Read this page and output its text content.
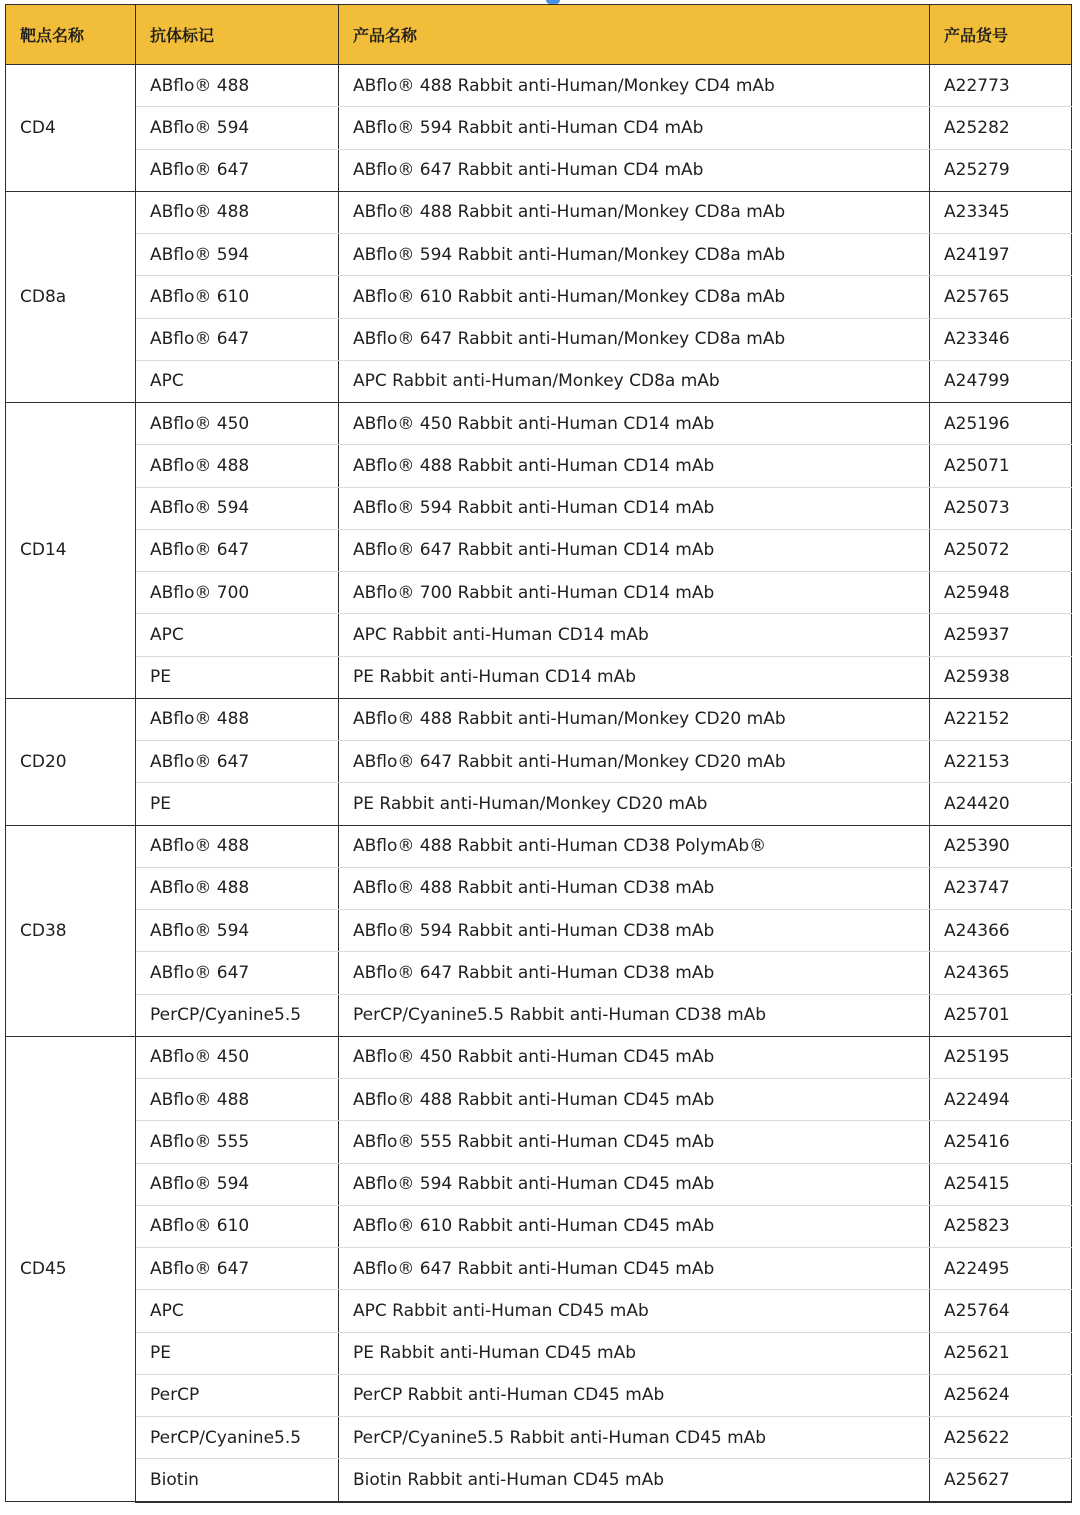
靶点名称	抗体标记	产品名称	产品货号
CD4	ABflo® 488	ABflo® 488 Rabbit anti-Human/Monkey CD4 mAb	A22773
	ABflo® 594	ABflo® 594 Rabbit anti-Human CD4 mAb	A25282
	ABflo® 647	ABflo® 647 Rabbit anti-Human CD4 mAb	A25279
CD8a	ABflo® 488	ABflo® 488 Rabbit anti-Human/Monkey CD8a mAb	A23345
	ABflo® 594	ABflo® 594 Rabbit anti-Human/Monkey CD8a mAb	A24197
	ABflo® 610	ABflo® 610 Rabbit anti-Human/Monkey CD8a mAb	A25765
	ABflo® 647	ABflo® 647 Rabbit anti-Human/Monkey CD8a mAb	A23346
	APC	APC Rabbit anti-Human/Monkey CD8a mAb	A24799
CD14	ABflo® 450	ABflo® 450 Rabbit anti-Human CD14 mAb	A25196
	ABflo® 488	ABflo® 488 Rabbit anti-Human CD14 mAb	A25071
	ABflo® 594	ABflo® 594 Rabbit anti-Human CD14 mAb	A25073
	ABflo® 647	ABflo® 647 Rabbit anti-Human CD14 mAb	A25072
	ABflo® 700	ABflo® 700 Rabbit anti-Human CD14 mAb	A25948
	APC	APC Rabbit anti-Human CD14 mAb	A25937
	PE	PE Rabbit anti-Human CD14 mAb	A25938
CD20	ABflo® 488	ABflo® 488 Rabbit anti-Human/Monkey CD20 mAb	A22152
	ABflo® 647	ABflo® 647 Rabbit anti-Human/Monkey CD20 mAb	A22153
	PE	PE Rabbit anti-Human/Monkey CD20 mAb	A24420
CD38	ABflo® 488	ABflo® 488 Rabbit anti-Human CD38 PolymAb®	A25390
	ABflo® 488	ABflo® 488 Rabbit anti-Human CD38 mAb	A23747
	ABflo® 594	ABflo® 594 Rabbit anti-Human CD38 mAb	A24366
	ABflo® 647	ABflo® 647 Rabbit anti-Human CD38 mAb	A24365
	PerCP/Cyanine5.5	PerCP/Cyanine5.5 Rabbit anti-Human CD38 mAb	A25701
CD45	ABflo® 450	ABflo® 450 Rabbit anti-Human CD45 mAb	A25195
	ABflo® 488	ABflo® 488 Rabbit anti-Human CD45 mAb	A22494
	ABflo® 555	ABflo® 555 Rabbit anti-Human CD45 mAb	A25416
	ABflo® 594	ABflo® 594 Rabbit anti-Human CD45 mAb	A25415
	ABflo® 610	ABflo® 610 Rabbit anti-Human CD45 mAb	A25823
	ABflo® 647	ABflo® 647 Rabbit anti-Human CD45 mAb	A22495
	APC	APC Rabbit anti-Human CD45 mAb	A25764
	PE	PE Rabbit anti-Human CD45 mAb	A25621
	PerCP	PerCP Rabbit anti-Human CD45 mAb	A25624
	PerCP/Cyanine5.5	PerCP/Cyanine5.5 Rabbit anti-Human CD45 mAb	A25622
	Biotin	Biotin Rabbit anti-Human CD45 mAb	A25627
